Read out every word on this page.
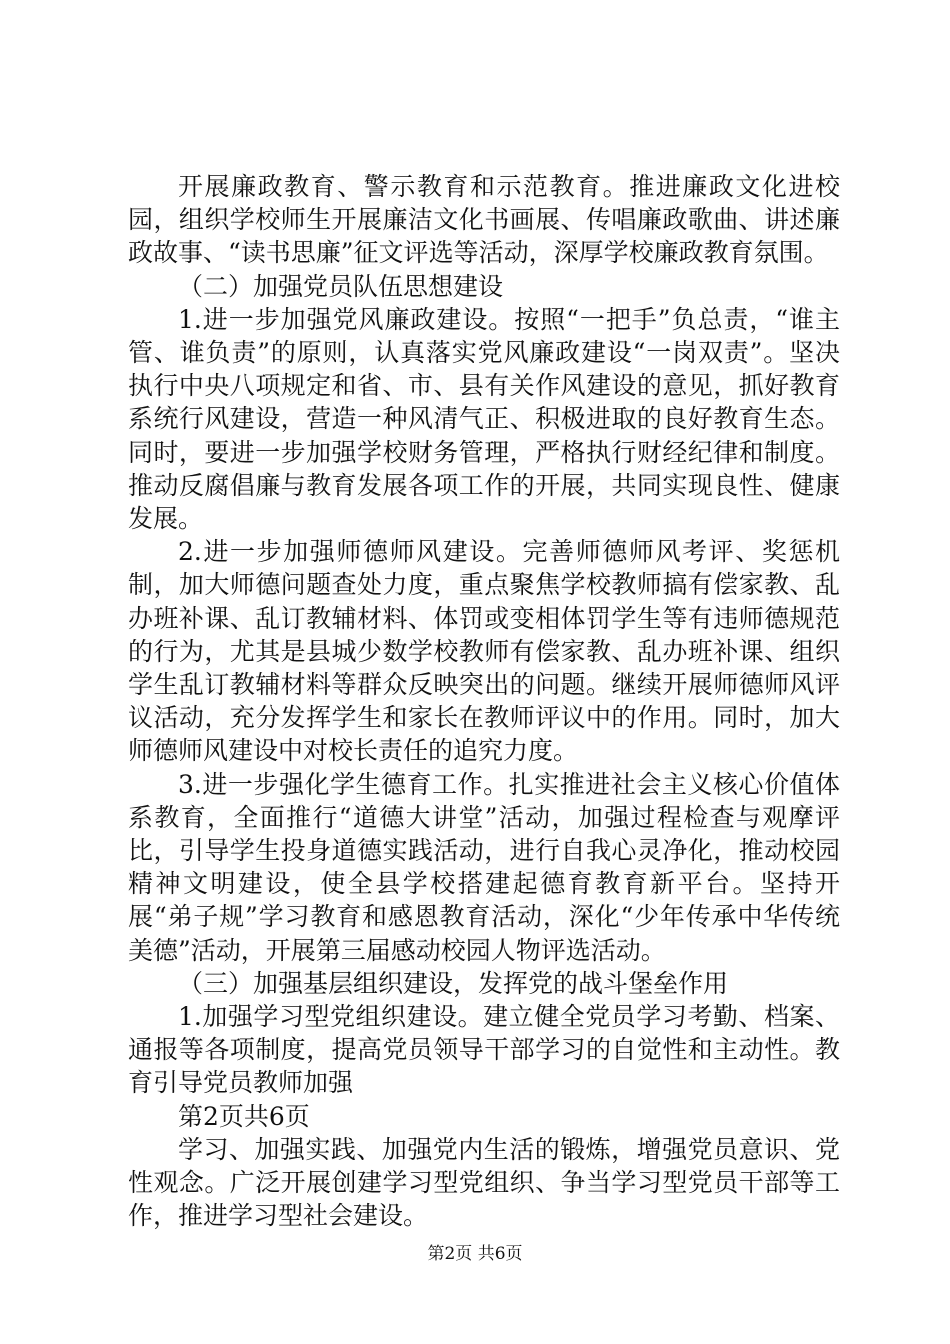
开展廉政教育、警示教育和示范教育。推进廉政文化进校园，组织学校师生开展廉洁文化书画展、传唱廉政歌曲、讲述廉政故事、“读书思廉”征文评选等活动，深厚学校廉政教育氛围。

（二）加强党员队伍思想建设

1.进一步加强党风廉政建设。按照“一把手”负总责，“谁主管、谁负责”的原则，认真落实党风廉政建设“一岗双责”。坚决执行中央八项规定和省、市、县有关作风建设的意见，抓好教育系统行风建设，营造一种风清气正、积极进取的良好教育生态。同时，要进一步加强学校财务管理，严格执行财经纪律和制度。推动反腐倡廉与教育发展各项工作的开展，共同实现良性、健康发展。

2.进一步加强师德师风建设。完善师德师风考评、奖惩机制，加大师德问题查处力度，重点聚焦学校教师搞有偿家教、乱办班补课、乱订教辅材料、体罚或变相体罚学生等有违师德规范的行为，尤其是县城少数学校教师有偿家教、乱办班补课、组织学生乱订教辅材料等群众反映突出的问题。继续开展师德师风评议活动，充分发挥学生和家长在教师评议中的作用。同时，加大师德师风建设中对校长责任的追究力度。

3.进一步强化学生德育工作。扎实推进社会主义核心价值体系教育，全面推行“道德大讲堂”活动，加强过程检查与观摩评比，引导学生投身道德实践活动，进行自我心灵净化，推动校园精神文明建设，使全县学校搭建起德育教育新平台。坚持开展“弟子规”学习教育和感恩教育活动，深化“少年传承中华传统美德”活动，开展第三届感动校园人物评选活动。

（三）加强基层组织建设，发挥党的战斗堡垒作用

1.加强学习型党组织建设。建立健全党员学习考勤、档案、通报等各项制度，提高党员领导干部学习的自觉性和主动性。教育引导党员教师加强

第2页共6页

学习、加强实践、加强党内生活的锻炼，增强党员意识、党性观念。广泛开展创建学习型党组织、争当学习型党员干部等工作，推进学习型社会建设。

第2页 共6页
